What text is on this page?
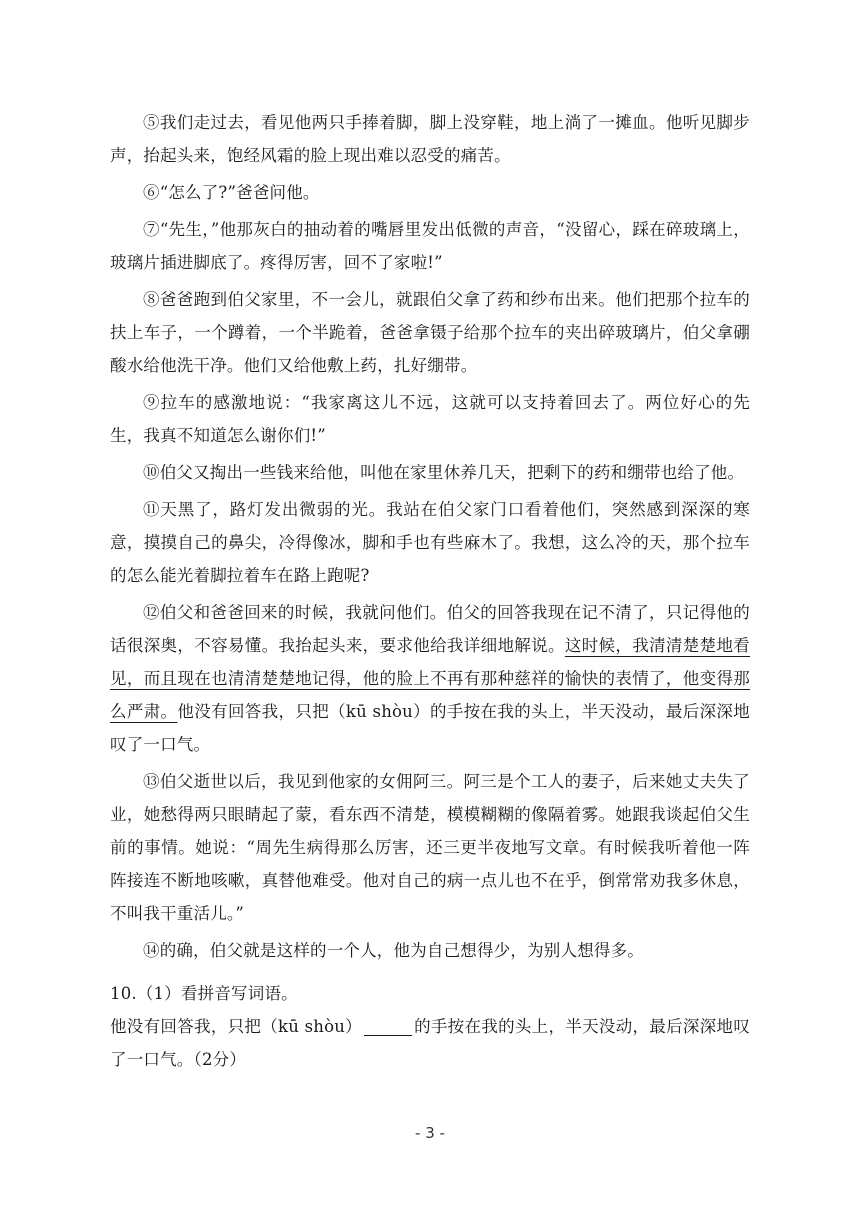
⑤我们走过去，看见他两只手捧着脚，脚上没穿鞋，地上淌了一摊血。他听见脚步声，抬起头来，饱经风霜的脸上现出难以忍受的痛苦。

⑥“怎么了?”爸爸问他。

⑦“先生，”他那灰白的抽动着的嘴唇里发出低微的声音，“没留心，踩在碎玻璃上，玻璃片插进脚底了。疼得厉害，回不了家啦!”

⑧爸爸跑到伯父家里，不一会儿，就跟伯父拿了药和纱布出来。他们把那个拉车的扶上车子，一个蹲着，一个半跪着，爸爸拿镊子给那个拉车的夹出碎玻璃片，伯父拿硼酸水给他洗干净。他们又给他敷上药，扎好绷带。

⑨拉车的感激地说：“我家离这儿不远，这就可以支持着回去了。两位好心的先生，我真不知道怎么谢你们!”

⑩伯父又掏出一些钱来给他，叫他在家里休养几天，把剩下的药和绷带也给了他。

⑪天黑了，路灯发出微弱的光。我站在伯父家门口看着他们，突然感到深深的寒意，摸摸自己的鼻尖，冷得像冰，脚和手也有些麻木了。我想，这么冷的天，那个拉车的怎么能光着脚拉着车在路上跑呢?

⑫伯父和爸爸回来的时候，我就问他们。伯父的回答我现在记不清了，只记得他的话很深奥，不容易懂。我抬起头来，要求他给我详细地解说。这时候，我清清楚楚地看见，而且现在也清清楚楚地记得，他的脸上不再有那种慈祥的愉快的表情了，他变得那么严肃。他没有回答我，只把（kū shòu）的手按在我的头上，半天没动，最后深深地叹了一口气。

⑬伯父逝世以后，我见到他家的女佣阿三。阿三是个工人的妻子，后来她丈夫失了业，她愁得两只眼睛起了蒙，看东西不清楚，模模糊糊的像隔着雾。她跟我谈起伯父生前的事情。她说：“周先生病得那么厉害，还三更半夜地写文章。有时候我听着他一阵阵接连不断地咳嗽，真替他难受。他对自己的病一点儿也不在乎，倒常常劝我多休息，不叫我干重活儿。”

⑭的确，伯父就是这样的一个人，他为自己想得少，为别人想得多。

10.（1）看拼音写词语。

他没有回答我，只把（kū shòu）	的手按在我的头上，半天没动，最后深深地叹了一口气。（2分）

- 3 -
